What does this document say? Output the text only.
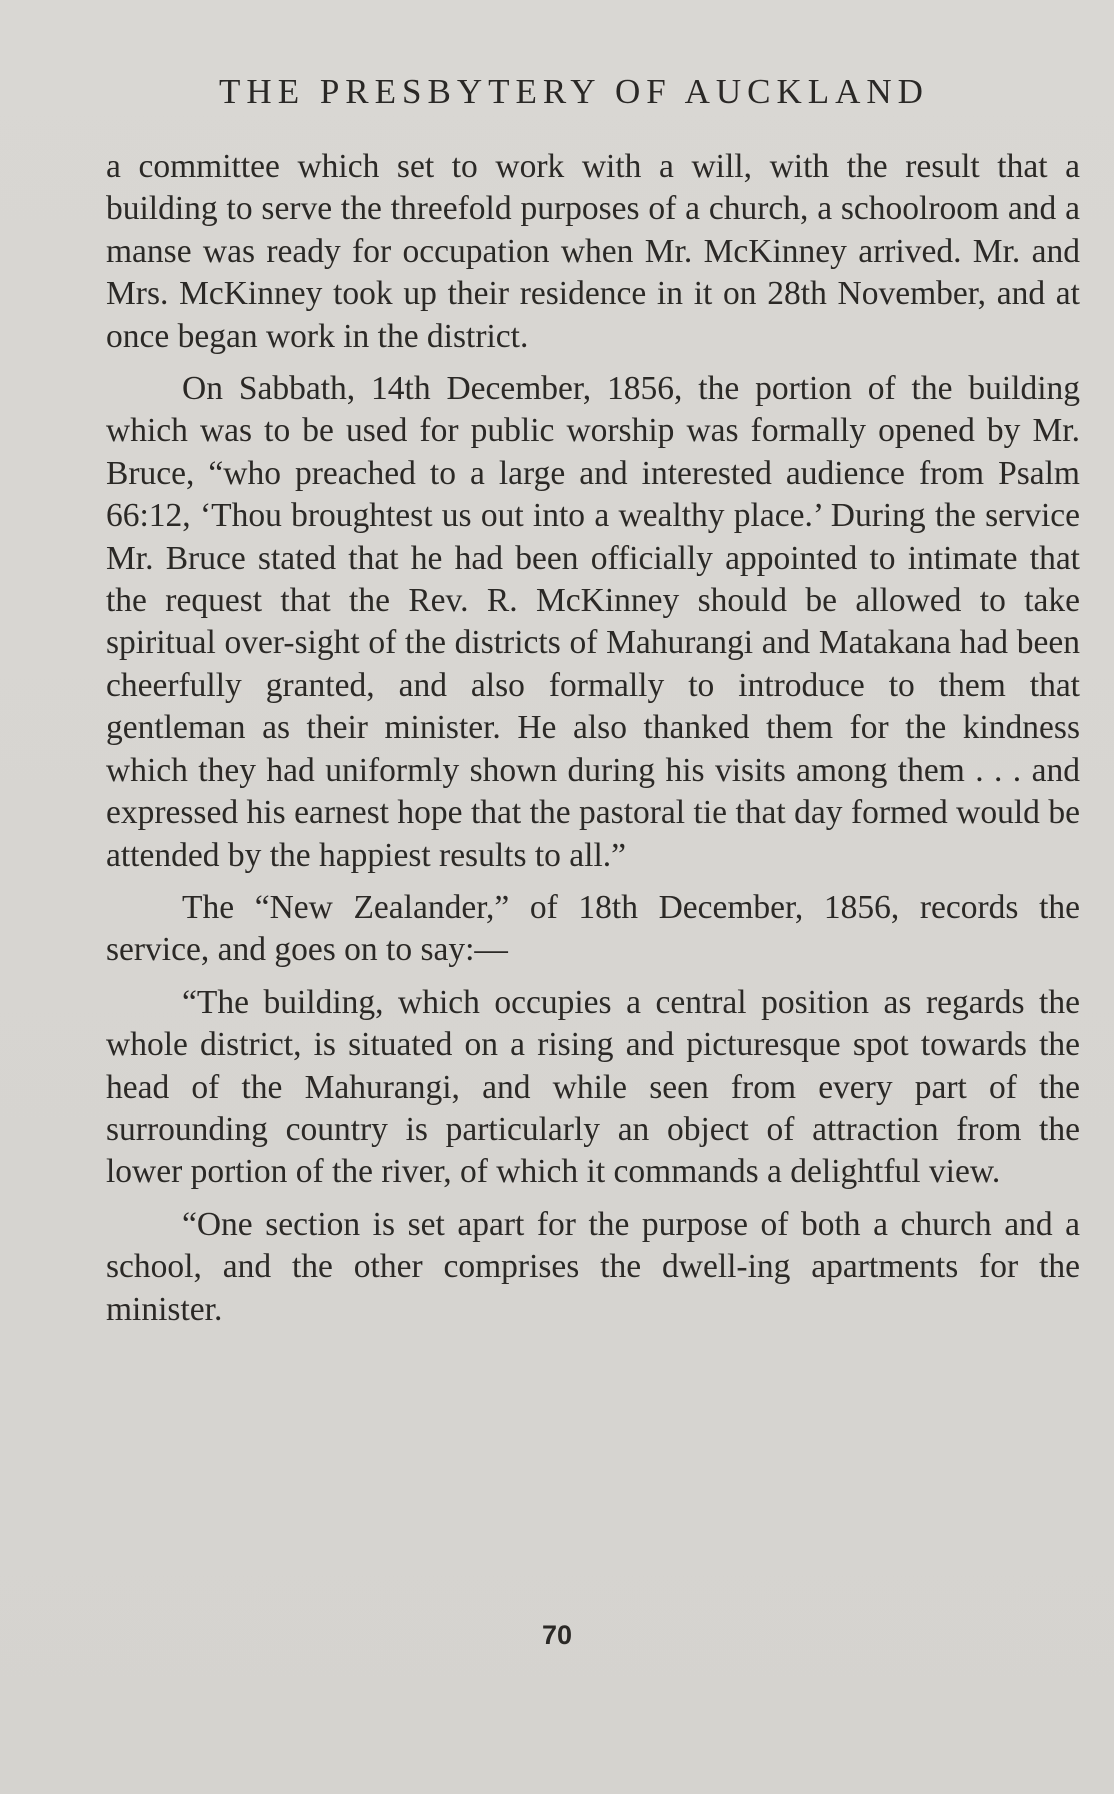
THE PRESBYTERY OF AUCKLAND

a committee which set to work with a will, with the result that a building to serve the threefold purposes of a church, a schoolroom and a manse was ready for occupation when Mr. McKinney arrived. Mr. and Mrs. McKinney took up their residence in it on 28th November, and at once began work in the district.

On Sabbath, 14th December, 1856, the portion of the building which was to be used for public worship was formally opened by Mr. Bruce, “who preached to a large and interested audience from Psalm 66:12, ‘Thou broughtest us out into a wealthy place.’ During the service Mr. Bruce stated that he had been officially appointed to intimate that the request that the Rev. R. McKinney should be allowed to take spiritual over-sight of the districts of Mahurangi and Matakana had been cheerfully granted, and also formally to introduce to them that gentleman as their minister. He also thanked them for the kindness which they had uniformly shown during his visits among them . . . and expressed his earnest hope that the pastoral tie that day formed would be attended by the happiest results to all.”

The “New Zealander,” of 18th December, 1856, records the service, and goes on to say:—

“The building, which occupies a central position as regards the whole district, is situated on a rising and picturesque spot towards the head of the Mahurangi, and while seen from every part of the surrounding country is particularly an object of attraction from the lower portion of the river, of which it commands a delightful view.

“One section is set apart for the purpose of both a church and a school, and the other comprises the dwell-ing apartments for the minister.

70
